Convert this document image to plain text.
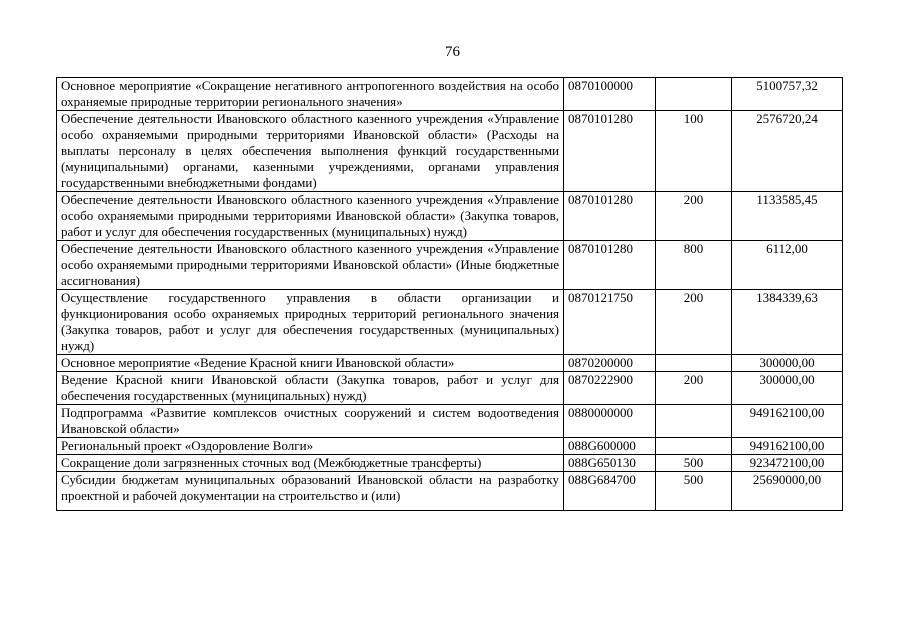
76
Основное мероприятие «Сокращение негативного антропогенного воздействия на особо охраняемые природные территории регионального значения»	0870100000		5100757,32
Обеспечение деятельности Ивановского областного казенного учреждения «Управление особо охраняемыми природными территориями Ивановской области» (Расходы на выплаты персоналу в целях обеспечения выполнения функций государственными (муниципальными) органами, казенными учреждениями, органами управления государственными внебюджетными фондами)	0870101280	100	2576720,24
Обеспечение деятельности Ивановского областного казенного учреждения «Управление особо охраняемыми природными территориями Ивановской области» (Закупка товаров, работ и услуг для обеспечения государственных (муниципальных) нужд)	0870101280	200	1133585,45
Обеспечение деятельности Ивановского областного казенного учреждения «Управление особо охраняемыми природными территориями Ивановской области» (Иные бюджетные ассигнования)	0870101280	800	6112,00
Осуществление государственного управления в области организации и функционирования особо охраняемых природных территорий регионального значения (Закупка товаров, работ и услуг для обеспечения государственных (муниципальных) нужд)	0870121750	200	1384339,63
Основное мероприятие «Ведение Красной книги Ивановской области»	0870200000		300000,00
Ведение Красной книги Ивановской области (Закупка товаров, работ и услуг для обеспечения государственных (муниципальных) нужд)	0870222900	200	300000,00
Подпрограмма «Развитие комплексов очистных сооружений и систем водоотведения Ивановской области»	0880000000		949162100,00
Региональный проект «Оздоровление Волги»	088G600000		949162100,00
Сокращение доли загрязненных сточных вод (Межбюджетные трансферты)	088G650130	500	923472100,00
Субсидии бюджетам муниципальных образований Ивановской области на разработку проектной и рабочей документации на строительство и (или)	088G684700	500	25690000,00
